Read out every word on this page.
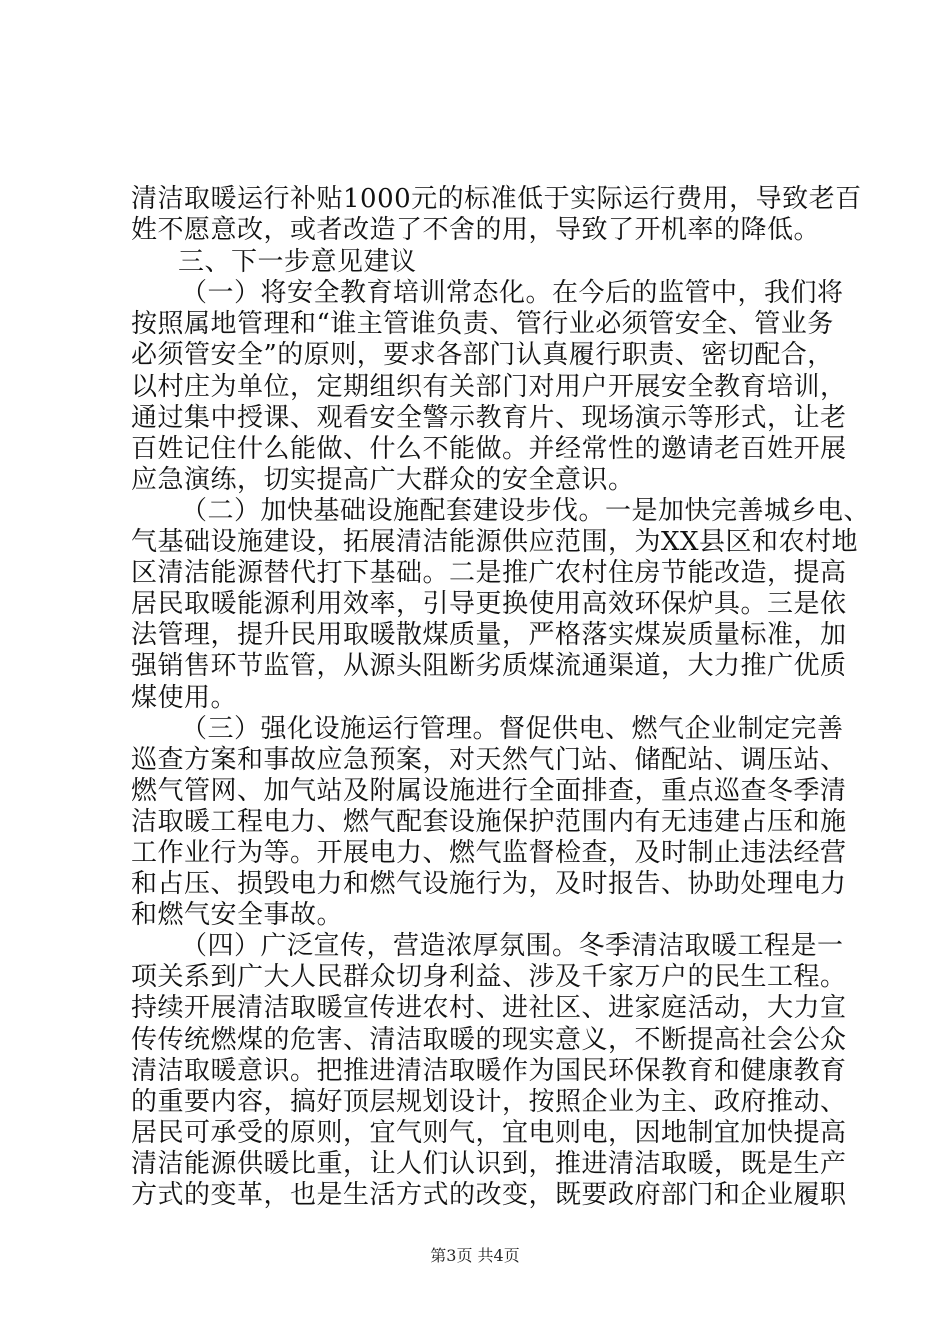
清洁取暖运行补贴1000元的标准低于实际运行费用，导致老百
姓不愿意改，或者改造了不舍的用，导致了开机率的降低。
三、下一步意见建议
（一）将安全教育培训常态化。在今后的监管中，我们将
按照属地管理和“谁主管谁负责、管行业必须管安全、管业务
必须管安全”的原则，要求各部门认真履行职责、密切配合，
以村庄为单位，定期组织有关部门对用户开展安全教育培训，
通过集中授课、观看安全警示教育片、现场演示等形式，让老
百姓记住什么能做、什么不能做。并经常性的邀请老百姓开展
应急演练，切实提高广大群众的安全意识。
（二）加快基础设施配套建设步伐。一是加快完善城乡电、
气基础设施建设，拓展清洁能源供应范围，为XX县区和农村地
区清洁能源替代打下基础。二是推广农村住房节能改造，提高
居民取暖能源利用效率，引导更换使用高效环保炉具。三是依
法管理，提升民用取暖散煤质量，严格落实煤炭质量标准，加
强销售环节监管，从源头阻断劣质煤流通渠道，大力推广优质
煤使用。
（三）强化设施运行管理。督促供电、燃气企业制定完善
巡查方案和事故应急预案，对天然气门站、储配站、调压站、
燃气管网、加气站及附属设施进行全面排查，重点巡查冬季清
洁取暖工程电力、燃气配套设施保护范围内有无违建占压和施
工作业行为等。开展电力、燃气监督检查，及时制止违法经营
和占压、损毁电力和燃气设施行为，及时报告、协助处理电力
和燃气安全事故。
（四）广泛宣传，营造浓厚氛围。冬季清洁取暖工程是一
项关系到广大人民群众切身利益、涉及千家万户的民生工程。
持续开展清洁取暖宣传进农村、进社区、进家庭活动，大力宣
传传统燃煤的危害、清洁取暖的现实意义，不断提高社会公众
清洁取暖意识。把推进清洁取暖作为国民环保教育和健康教育
的重要内容，搞好顶层规划设计，按照企业为主、政府推动、
居民可承受的原则，宜气则气，宜电则电，因地制宜加快提高
清洁能源供暖比重，让人们认识到，推进清洁取暖，既是生产
方式的变革，也是生活方式的改变，既要政府部门和企业履职
第3页 共4页
